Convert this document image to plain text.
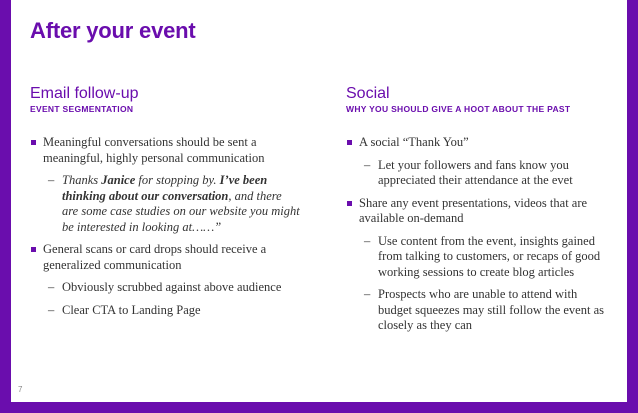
After your event
Email follow-up
EVENT SEGMENTATION
Meaningful conversations should be sent a meaningful, highly personal communication
– Thanks Janice for stopping by. I’ve been thinking about our conversation, and there are some case studies on our website you might be interested in looking at……”
General scans or card drops should receive a generalized communication
– Obviously scrubbed against above audience
– Clear CTA to Landing Page
Social
WHY YOU SHOULD GIVE A HOOT ABOUT THE PAST
A social “Thank You”
– Let your followers and fans know you appreciated their attendance at the evet
Share any event presentations, videos that are available on-demand
– Use content from the event, insights gained from talking to customers, or recaps of good working sessions to create blog articles
– Prospects who are unable to attend with budget squeezes may still follow the event as closely as they can
7
